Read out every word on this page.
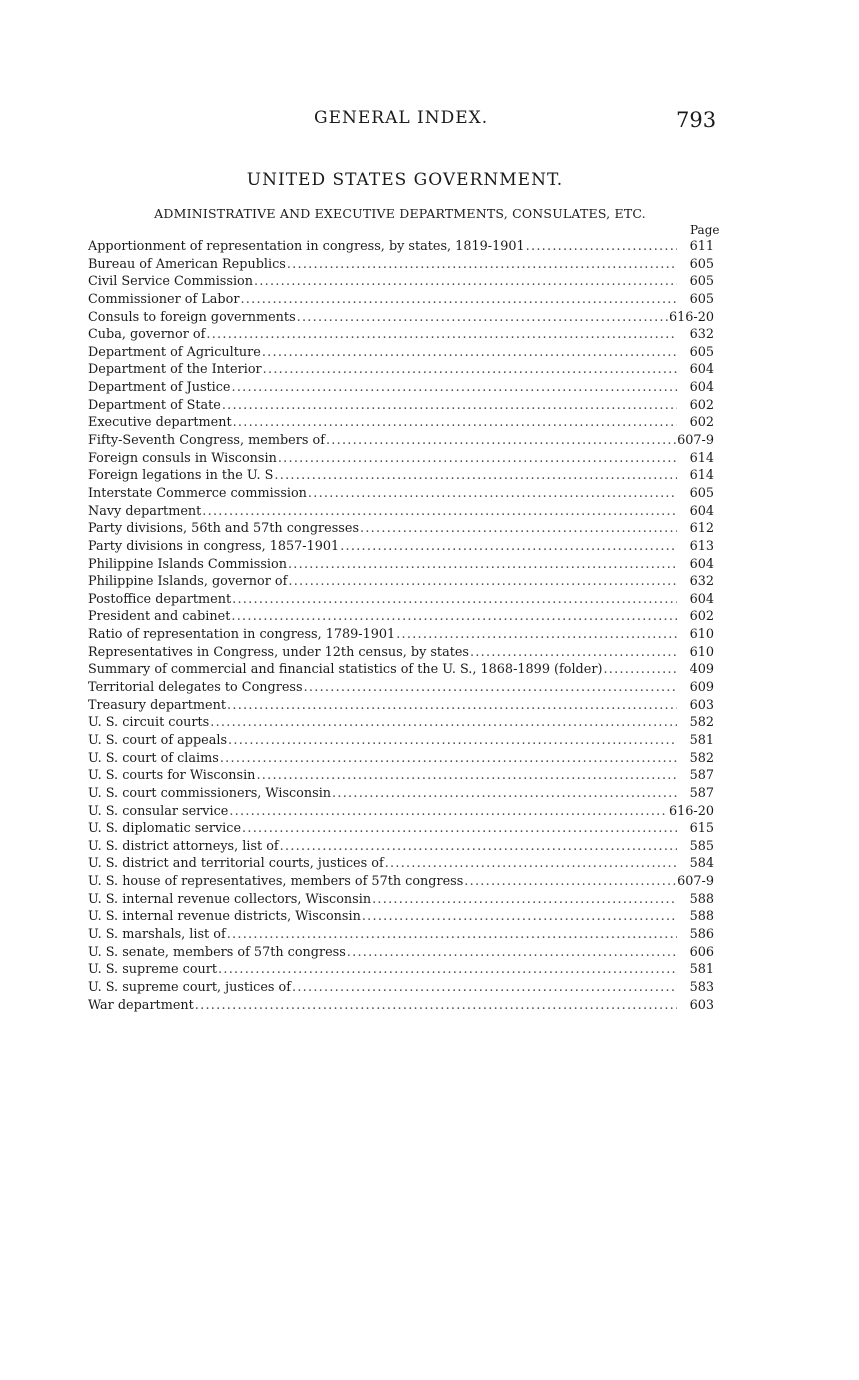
GENERAL INDEX.	793
UNITED STATES GOVERNMENT.
ADMINISTRATIVE AND EXECUTIVE DEPARTMENTS, CONSULATES, ETC.
Page
Apportionment of representation in congress, by states, 1819-1901 . . .	611
Bureau of American Republics . . .	605
Civil Service Commission . . .	605
Commissioner of Labor . . .	605
Consuls to foreign governments . . .	616-20
Cuba, governor of . . .	632
Department of Agriculture . . .	605
Department of the Interior . . .	604
Department of Justice . . .	604
Department of State . . .	602
Executive department . . .	602
Fifty-Seventh Congress, members of . . .	607-9
Foreign consuls in Wisconsin . . .	614
Foreign legations in the U. S . . .	614
Interstate Commerce commission . . .	605
Navy department . . .	604
Party divisions, 56th and 57th congresses . . .	612
Party divisions in congress, 1857-1901 . . .	613
Philippine Islands Commission . . .	604
Philippine Islands, governor of . . .	632
Postoffice department . . .	604
President and cabinet . . .	602
Ratio of representation in congress, 1789-1901 . . .	610
Representatives in Congress, under 12th census, by states . . .	610
Summary of commercial and financial statistics of the U. S., 1868-1899 (folder) . . .	409
Territorial delegates to Congress . . .	609
Treasury department . . .	603
U. S. circuit courts . . .	582
U. S. court of appeals . . .	581
U. S. court of claims . . .	582
U. S. courts for Wisconsin . . .	587
U. S. court commissioners, Wisconsin . . .	587
U. S. consular service . . .	616-20
U. S. diplomatic service . . .	615
U. S. district attorneys, list of . . .	585
U. S. district and territorial courts, justices of . . .	584
U. S. house of representatives, members of 57th congress . . .	607-9
U. S. internal revenue collectors, Wisconsin . . .	588
U. S. internal revenue districts, Wisconsin . . .	588
U. S. marshals, list of . . .	586
U. S. senate, members of 57th congress . . .	606
U. S. supreme court . . .	581
U. S. supreme court, justices of . . .	583
War department . . .	603
